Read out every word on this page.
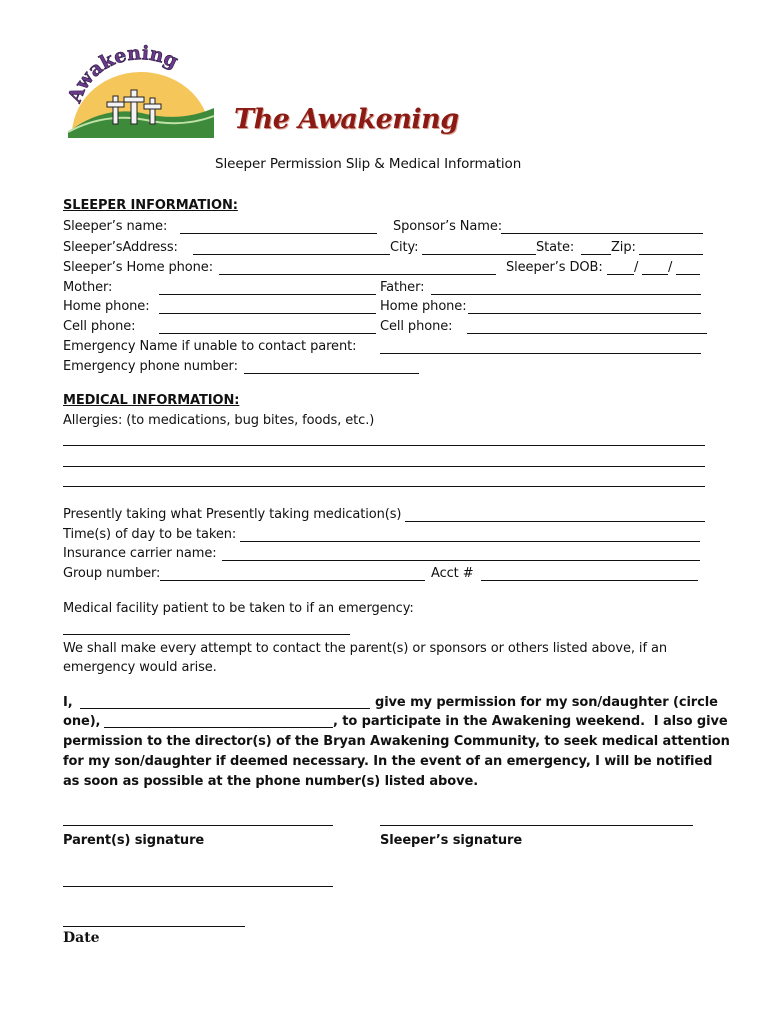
Awakening
The Awakening
Sleeper Permission Slip & Medical Information
SLEEPER INFORMATION:
Sleeper’s name:	Sponsor’s Name:
Sleeper’sAddress:	City:	State:	Zip:
Sleeper’s Home phone:	Sleeper’s DOB: / /
Mother:	Father:
Home phone:	Home phone:
Cell phone:	Cell phone:
Emergency Name if unable to contact parent:
Emergency phone number:
MEDICAL INFORMATION:
Allergies: (to medications, bug bites, foods, etc.)
Presently taking what Presently taking medication(s)
Time(s) of day to be taken:
Insurance carrier name:
Group number:	Acct #
Medical facility patient to be taken to if an emergency:
We shall make every attempt to contact the parent(s) or sponsors or others listed above, if an
emergency would arise.
I,	give my permission for my son/daughter (circle
one),	, to participate in the Awakening weekend.  I also give
permission to the director(s) of the Bryan Awakening Community, to seek medical attention
for my son/daughter if deemed necessary. In the event of an emergency, I will be notified
as soon as possible at the phone number(s) listed above.
Parent(s) signature	Sleeper’s signature
Date
